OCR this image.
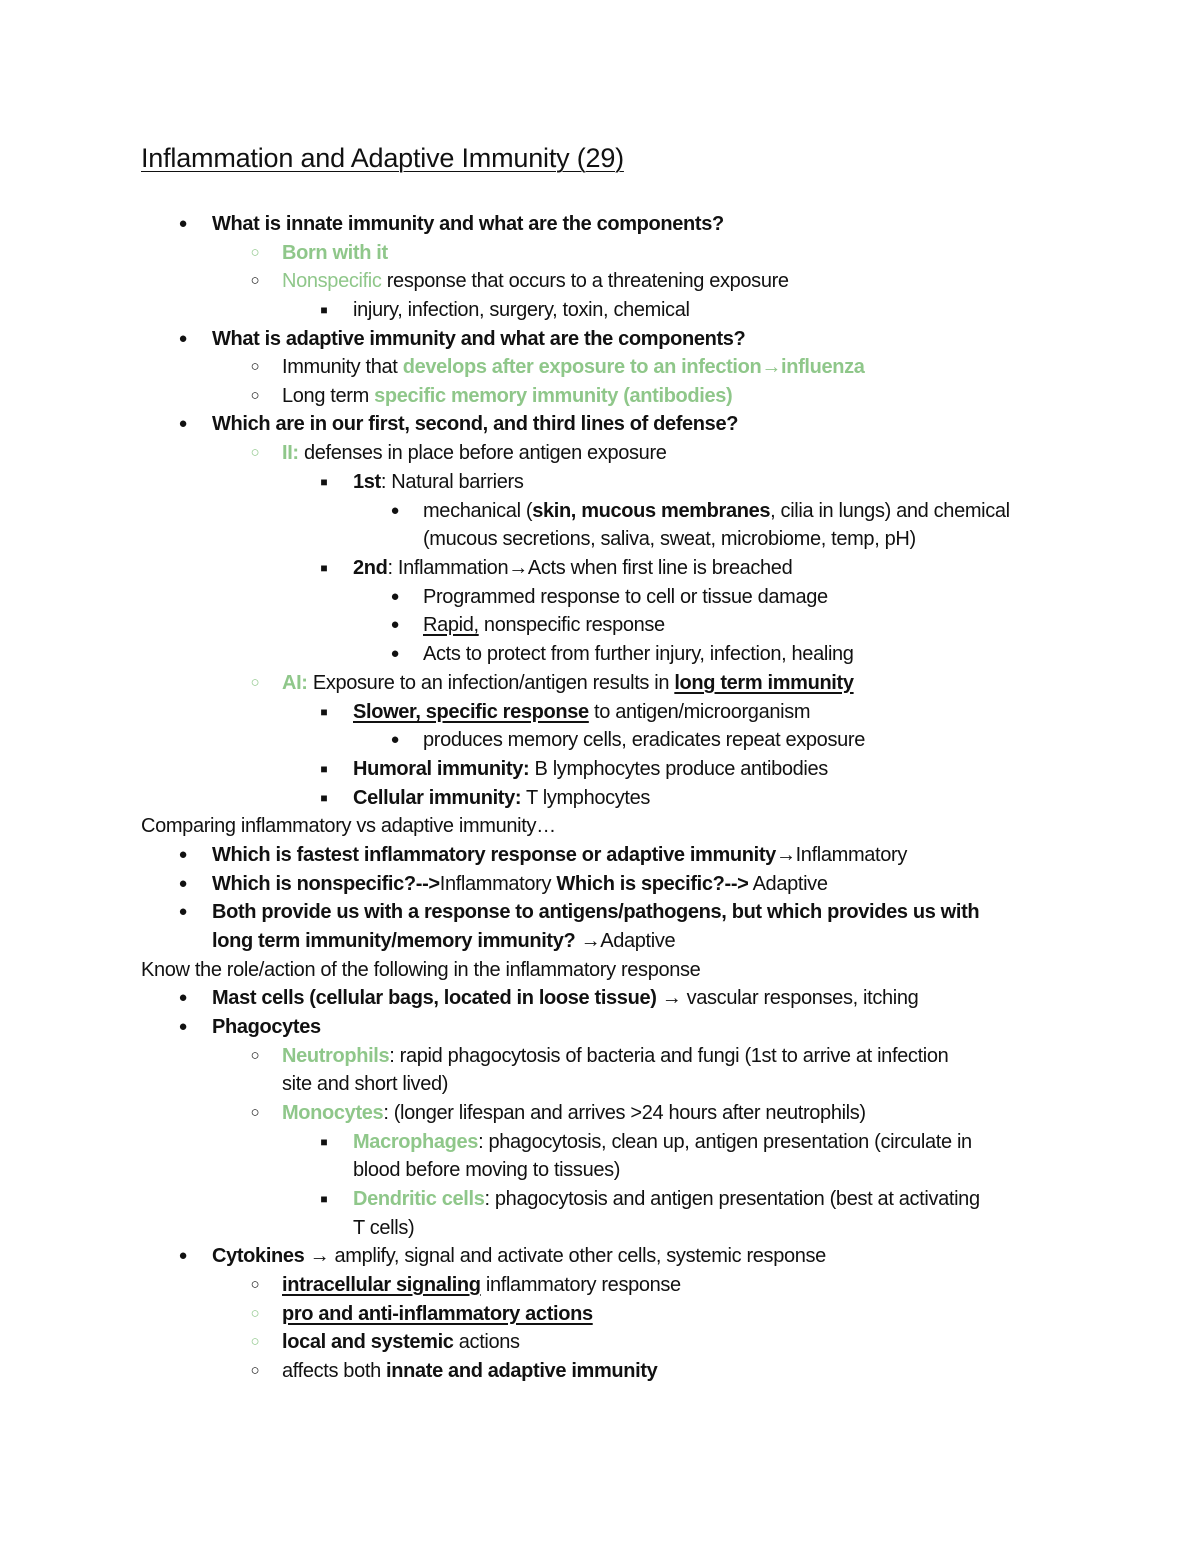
Inflammation and Adaptive Immunity (29)
● What is innate immunity and what are the components?
○ Born with it
○ Nonspecific response that occurs to a threatening exposure
■ injury, infection, surgery, toxin, chemical
● What is adaptive immunity and what are the components?
○ Immunity that develops after exposure to an infection→influenza
○ Long term specific memory immunity (antibodies)
● Which are in our first, second, and third lines of defense?
○ II: defenses in place before antigen exposure
■ 1st: Natural barriers
● mechanical (skin, mucous membranes, cilia in lungs) and chemical
(mucous secretions, saliva, sweat, microbiome, temp, pH)
■ 2nd: Inflammation→Acts when first line is breached
● Programmed response to cell or tissue damage
● Rapid, nonspecific response
● Acts to protect from further injury, infection, healing
○ AI: Exposure to an infection/antigen results in long term immunity
■ Slower, specific response to antigen/microorganism
● produces memory cells, eradicates repeat exposure
■ Humoral immunity: B lymphocytes produce antibodies
■ Cellular immunity: T lymphocytes
Comparing inflammatory vs adaptive immunity…
● Which is fastest inflammatory response or adaptive immunity→Inflammatory
● Which is nonspecific?-->Inflammatory Which is specific?--> Adaptive
● Both provide us with a response to antigens/pathogens, but which provides us with
long term immunity/memory immunity? →Adaptive
Know the role/action of the following in the inflammatory response
● Mast cells (cellular bags, located in loose tissue) → vascular responses, itching
● Phagocytes
○ Neutrophils: rapid phagocytosis of bacteria and fungi (1st to arrive at infection
site and short lived)
○ Monocytes: (longer lifespan and arrives >24 hours after neutrophils)
■ Macrophages: phagocytosis, clean up, antigen presentation (circulate in
blood before moving to tissues)
■ Dendritic cells: phagocytosis and antigen presentation (best at activating
T cells)
● Cytokines → amplify, signal and activate other cells, systemic response
○ intracellular signaling inflammatory response
○ pro and anti-inflammatory actions
○ local and systemic actions
○ affects both innate and adaptive immunity
